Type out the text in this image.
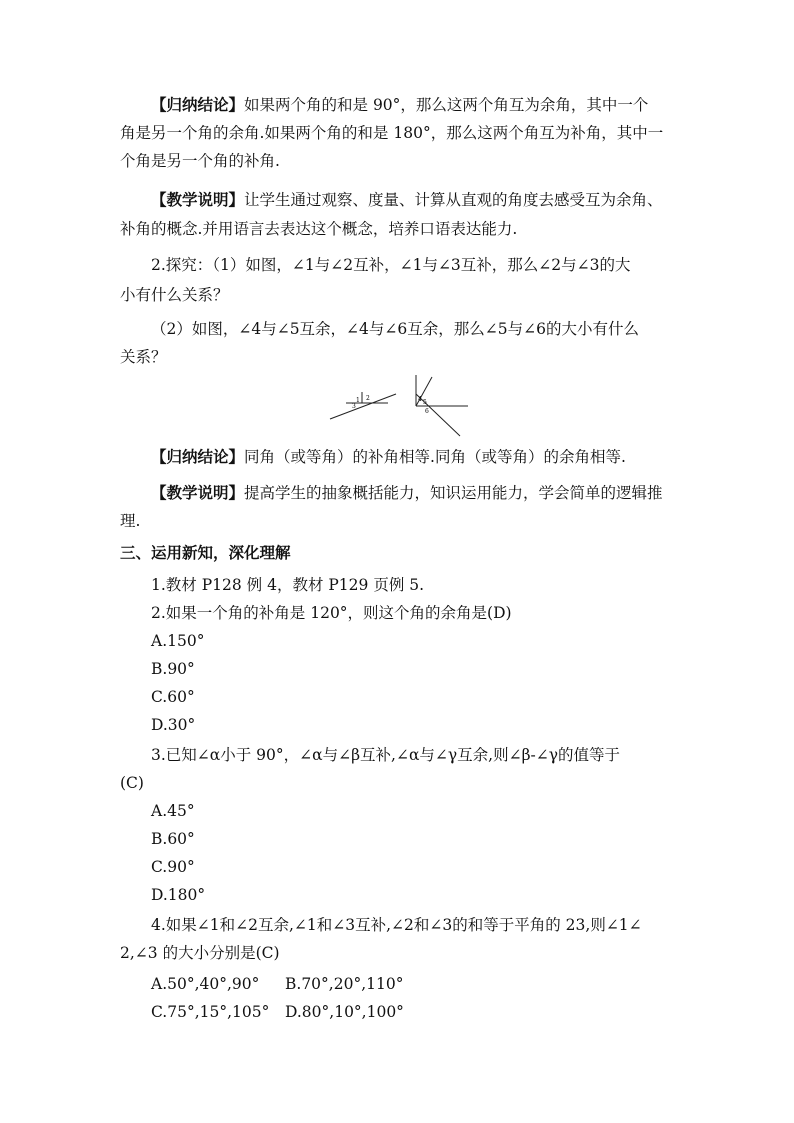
【归纳结论】如果两个角的和是 90°，那么这两个角互为余角，其中一个

角是另一个角的余角.如果两个角的和是 180°，那么这两个角互为补角，其中一

个角是另一个角的补角.

【教学说明】让学生通过观察、度量、计算从直观的角度去感受互为余角、

补角的概念.并用语言去表达这个概念，培养口语表达能力.

2.探究：（1）如图，∠1与∠2互补，∠1与∠3互补，那么∠2与∠3的大

小有什么关系？

（2）如图，∠4与∠5互余，∠4与∠6互余，那么∠5与∠6的大小有什么

关系？

1 2
3
4 5
6

【归纳结论】同角（或等角）的补角相等.同角（或等角）的余角相等.

【教学说明】提高学生的抽象概括能力，知识运用能力，学会简单的逻辑推

理.

三、运用新知，深化理解

1.教材 P128 例 4，教材 P129 页例 5.

2.如果一个角的补角是 120°，则这个角的余角是(D)

A.150°

B.90°

C.60°

D.30°

3.已知∠α小于 90°，∠α与∠β互补,∠α与∠γ互余,则∠β-∠γ的值等于

(C)

A.45°

B.60°

C.90°

D.180°

4.如果∠1和∠2互余,∠1和∠3互补,∠2和∠3的和等于平角的 23,则∠1∠

2,∠3 的大小分别是(C)

A.50°,40°,90° B.70°,20°,110°
C.75°,15°,105° D.80°,10°,100°
